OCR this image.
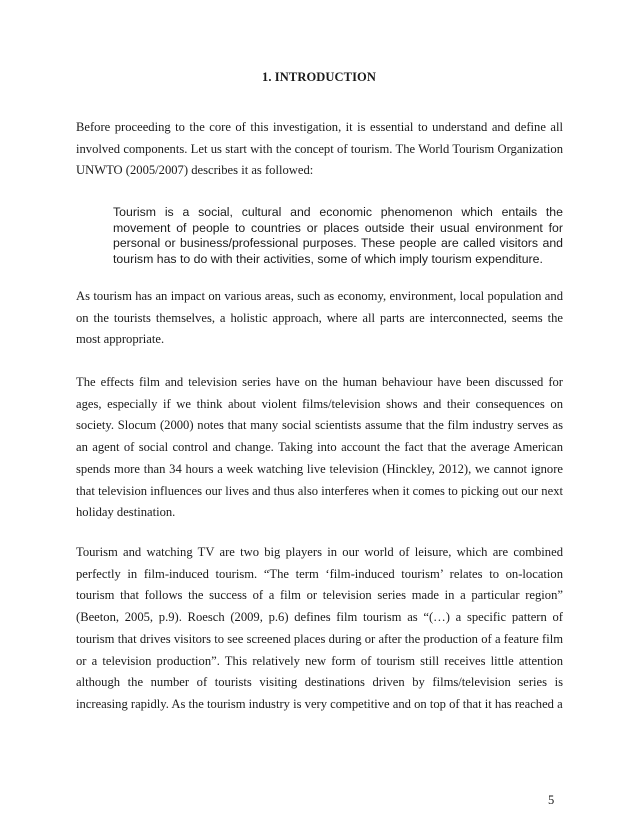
1. INTRODUCTION

Before proceeding to the core of this investigation, it is essential to understand and define all involved components. Let us start with the concept of tourism. The World Tourism Organization UNWTO (2005/2007) describes it as followed:

Tourism is a social, cultural and economic phenomenon which entails the movement of people to countries or places outside their usual environment for personal or business/professional purposes. These people are called visitors and tourism has to do with their activities, some of which imply tourism expenditure.

As tourism has an impact on various areas, such as economy, environment, local population and on the tourists themselves, a holistic approach, where all parts are interconnected, seems the most appropriate.

The effects film and television series have on the human behaviour have been discussed for ages, especially if we think about violent films/television shows and their consequences on society. Slocum (2000) notes that many social scientists assume that the film industry serves as an agent of social control and change. Taking into account the fact that the average American spends more than 34 hours a week watching live television (Hinckley, 2012), we cannot ignore that television influences our lives and thus also interferes when it comes to picking out our next holiday destination.

Tourism and watching TV are two big players in our world of leisure, which are combined perfectly in film-induced tourism. “The term ‘film-induced tourism’ relates to on-location tourism that follows the success of a film or television series made in a particular region” (Beeton, 2005, p.9). Roesch (2009, p.6) defines film tourism as “(…) a specific pattern of tourism that drives visitors to see screened places during or after the production of a feature film or a television production”. This relatively new form of tourism still receives little attention although the number of tourists visiting destinations driven by films/television series is increasing rapidly. As the tourism industry is very competitive and on top of that it has reached a

5
